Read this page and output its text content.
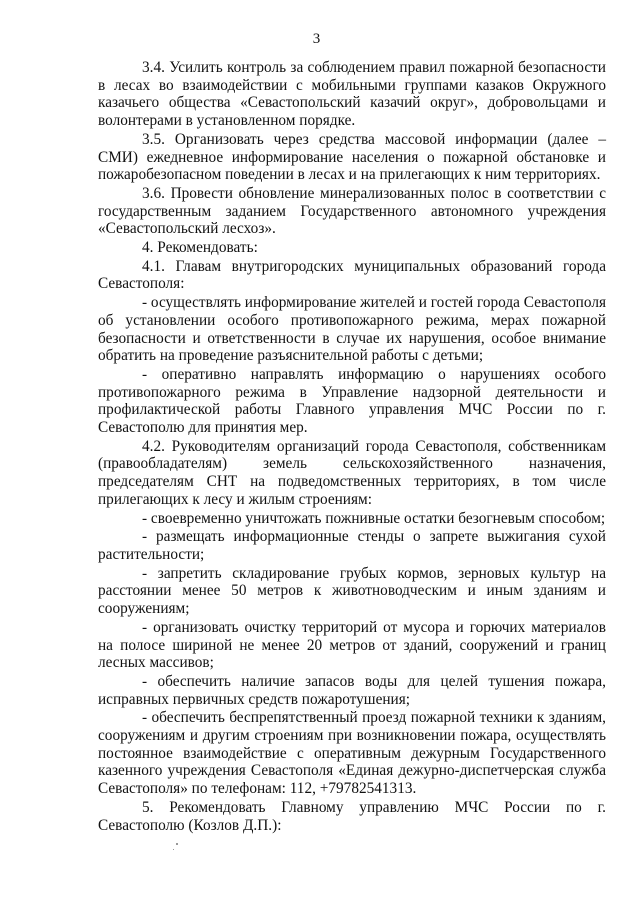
3

3.4. Усилить контроль за соблюдением правил пожарной безопасности в лесах во взаимодействии с мобильными группами казаков Окружного казачьего общества «Севастопольский казачий округ», добровольцами и волонтерами в установленном порядке.

3.5. Организовать через средства массовой информации (далее – СМИ) ежедневное информирование населения о пожарной обстановке и пожаробезопасном поведении в лесах и на прилегающих к ним территориях.

3.6. Провести обновление минерализованных полос в соответствии с государственным заданием Государственного автономного учреждения «Севастопольский лесхоз».

4. Рекомендовать:

4.1. Главам внутригородских муниципальных образований города Севастополя:

- осуществлять информирование жителей и гостей города Севастополя об установлении особого противопожарного режима, мерах пожарной безопасности и ответственности в случае их нарушения, особое внимание обратить на проведение разъяснительной работы с детьми;

- оперативно направлять информацию о нарушениях особого противопожарного режима в Управление надзорной деятельности и профилактической работы Главного управления МЧС России по г. Севастополю для принятия мер.

4.2. Руководителям организаций города Севастополя, собственникам (правообладателям) земель сельскохозяйственного назначения, председателям СНТ на подведомственных территориях, в том числе прилегающих к лесу и жилым строениям:

- своевременно уничтожать пожнивные остатки безогневым способом;

- размещать информационные стенды о запрете выжигания сухой растительности;

- запретить складирование грубых кормов, зерновых культур на расстоянии менее 50 метров к животноводческим и иным зданиям и сооружениям;

- организовать очистку территорий от мусора и горючих материалов на полосе шириной не менее 20 метров от зданий, сооружений и границ лесных массивов;

- обеспечить наличие запасов воды для целей тушения пожара, исправных первичных средств пожаротушения;

- обеспечить беспрепятственный проезд пожарной техники к зданиям, сооружениям и другим строениям при возникновении пожара, осуществлять постоянное взаимодействие с оперативным дежурным Государственного казенного учреждения Севастополя «Единая дежурно-диспетчерская служба Севастополя» по телефонам: 112, +79782541313.

5. Рекомендовать Главному управлению МЧС России по г. Севастополю (Козлов Д.П.):
